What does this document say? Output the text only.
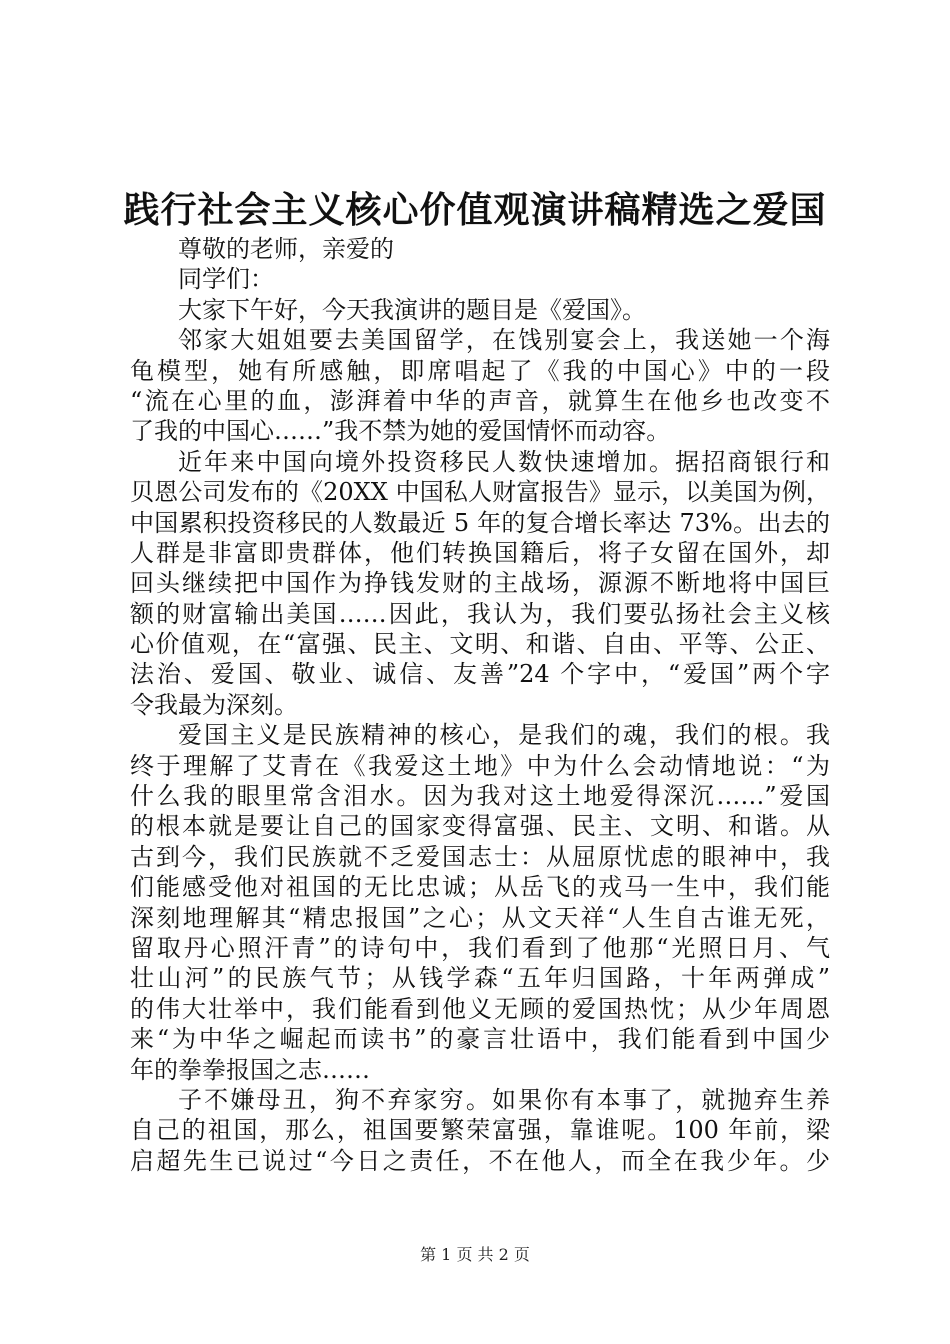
践行社会主义核心价值观演讲稿精选之爱国
尊敬的老师，亲爱的
同学们：
大家下午好，今天我演讲的题目是《爱国》。
邻家大姐姐要去美国留学，在饯别宴会上，我送她一个海
龟模型，她有所感触，即席唱起了《我的中国心》中的一段
“流在心里的血，澎湃着中华的声音，就算生在他乡也改变不
了我的中国心……”我不禁为她的爱国情怀而动容。
近年来中国向境外投资移民人数快速增加。据招商银行和
贝恩公司发布的《20XX 中国私人财富报告》显示，以美国为例，
中国累积投资移民的人数最近 5 年的复合增长率达 73%。出去的
人群是非富即贵群体，他们转换国籍后，将子女留在国外，却
回头继续把中国作为挣钱发财的主战场，源源不断地将中国巨
额的财富输出美国……因此，我认为，我们要弘扬社会主义核
心价值观，在“富强、民主、文明、和谐、自由、平等、公正、
法治、爱国、敬业、诚信、友善”24 个字中，“爱国”两个字
令我最为深刻。
爱国主义是民族精神的核心，是我们的魂，我们的根。我
终于理解了艾青在《我爱这土地》中为什么会动情地说：“为
什么我的眼里常含泪水。因为我对这土地爱得深沉……”爱国
的根本就是要让自己的国家变得富强、民主、文明、和谐。从
古到今，我们民族就不乏爱国志士：从屈原忧虑的眼神中，我
们能感受他对祖国的无比忠诚；从岳飞的戎马一生中，我们能
深刻地理解其“精忠报国”之心；从文天祥“人生自古谁无死，
留取丹心照汗青”的诗句中，我们看到了他那“光照日月、气
壮山河”的民族气节；从钱学森“五年归国路，十年两弹成”
的伟大壮举中，我们能看到他义无顾的爱国热忱；从少年周恩
来“为中华之崛起而读书”的豪言壮语中，我们能看到中国少
年的拳拳报国之志……
子不嫌母丑，狗不弃家穷。如果你有本事了，就抛弃生养
自己的祖国，那么，祖国要繁荣富强，靠谁呢。100 年前，梁
启超先生已说过“今日之责任，不在他人，而全在我少年。少
第 1 页 共 2 页
